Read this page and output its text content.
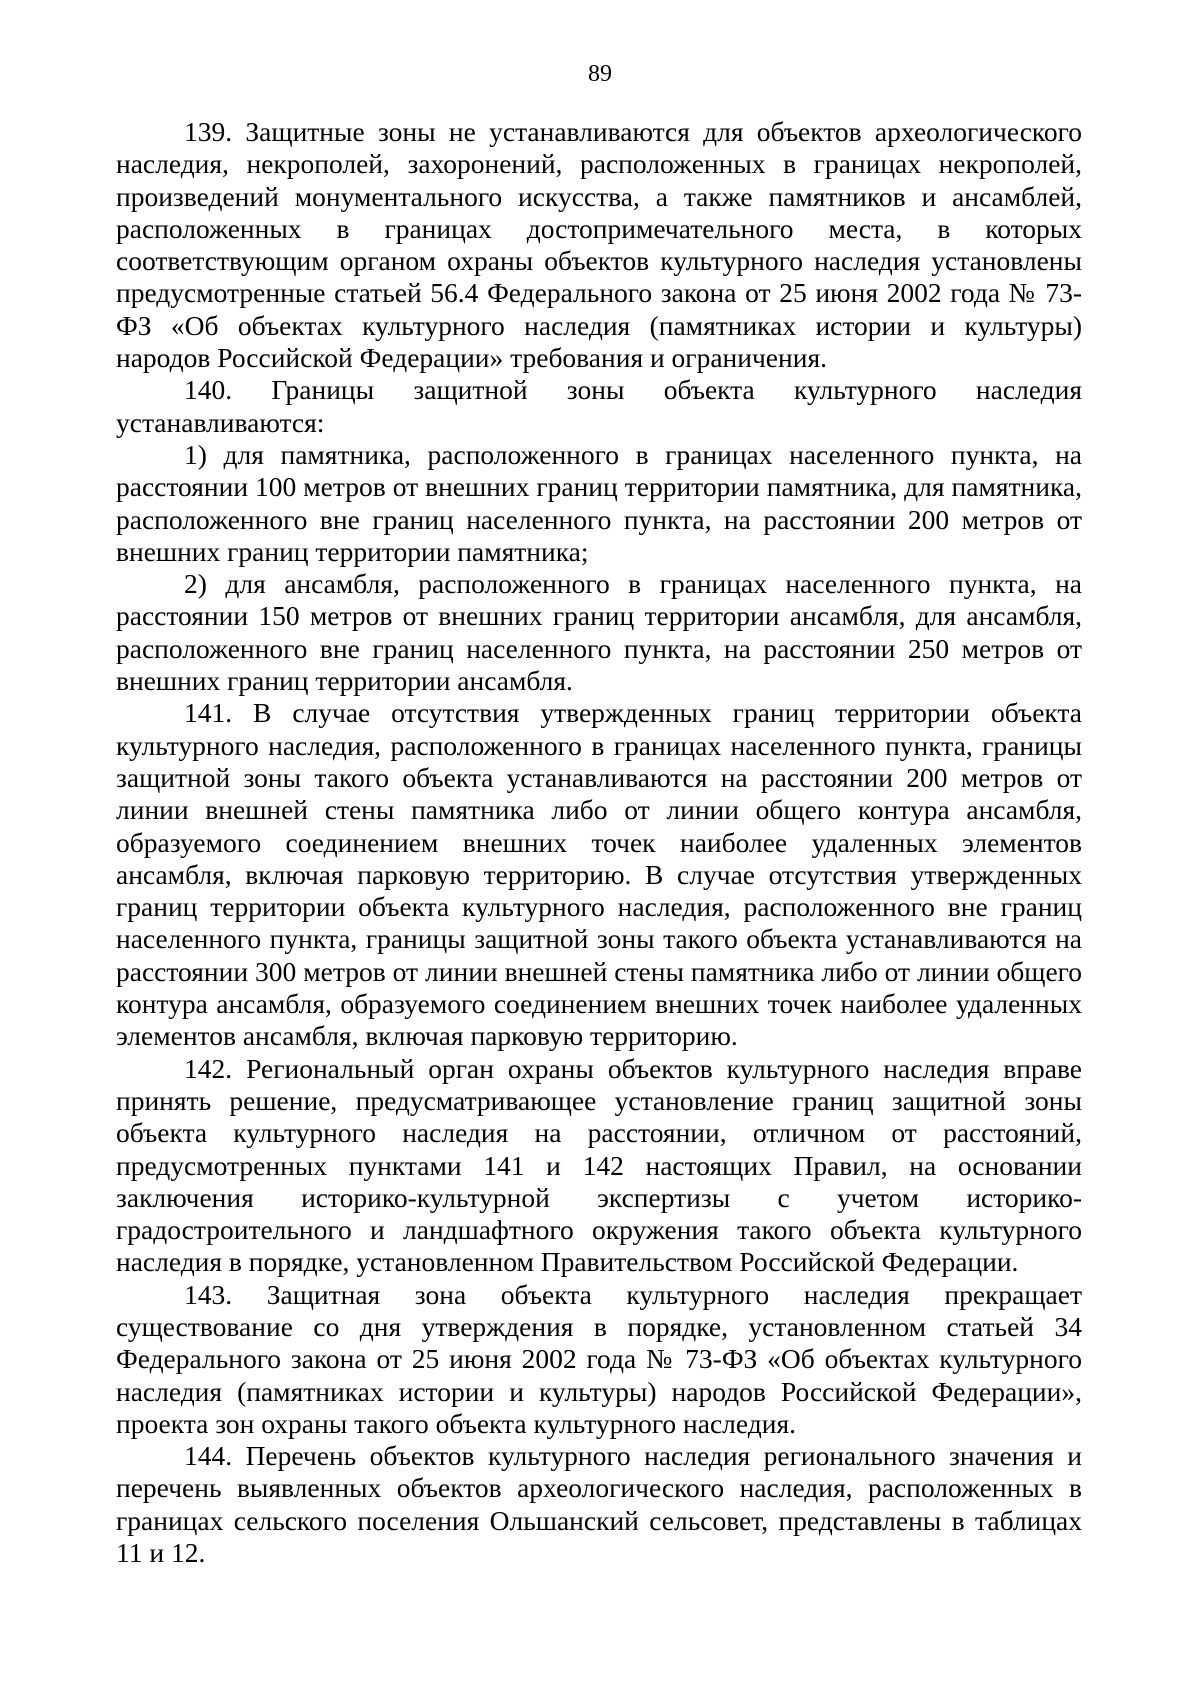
89

139. Защитные зоны не устанавливаются для объектов археологического наследия, некрополей, захоронений, расположенных в границах некрополей, произведений монументального искусства, а также памятников и ансамблей, расположенных в границах достопримечательного места, в которых соответствующим органом охраны объектов культурного наследия установлены предусмотренные статьей 56.4 Федерального закона от 25 июня 2002 года № 73-ФЗ «Об объектах культурного наследия (памятниках истории и культуры) народов Российской Федерации» требования и ограничения.

140. Границы защитной зоны объекта культурного наследия устанавливаются:

1) для памятника, расположенного в границах населенного пункта, на расстоянии 100 метров от внешних границ территории памятника, для памятника, расположенного вне границ населенного пункта, на расстоянии 200 метров от внешних границ территории памятника;

2) для ансамбля, расположенного в границах населенного пункта, на расстоянии 150 метров от внешних границ территории ансамбля, для ансамбля, расположенного вне границ населенного пункта, на расстоянии 250 метров от внешних границ территории ансамбля.

141. В случае отсутствия утвержденных границ территории объекта культурного наследия, расположенного в границах населенного пункта, границы защитной зоны такого объекта устанавливаются на расстоянии 200 метров от линии внешней стены памятника либо от линии общего контура ансамбля, образуемого соединением внешних точек наиболее удаленных элементов ансамбля, включая парковую территорию. В случае отсутствия утвержденных границ территории объекта культурного наследия, расположенного вне границ населенного пункта, границы защитной зоны такого объекта устанавливаются на расстоянии 300 метров от линии внешней стены памятника либо от линии общего контура ансамбля, образуемого соединением внешних точек наиболее удаленных элементов ансамбля, включая парковую территорию.

142. Региональный орган охраны объектов культурного наследия вправе принять решение, предусматривающее установление границ защитной зоны объекта культурного наследия на расстоянии, отличном от расстояний, предусмотренных пунктами 141 и 142 настоящих Правил, на основании заключения историко-культурной экспертизы с учетом историко-градостроительного и ландшафтного окружения такого объекта культурного наследия в порядке, установленном Правительством Российской Федерации.

143. Защитная зона объекта культурного наследия прекращает существование со дня утверждения в порядке, установленном статьей 34 Федерального закона от 25 июня 2002 года № 73-ФЗ «Об объектах культурного наследия (памятниках истории и культуры) народов Российской Федерации», проекта зон охраны такого объекта культурного наследия.

144. Перечень объектов культурного наследия регионального значения и перечень выявленных объектов археологического наследия, расположенных в границах сельского поселения Ольшанский сельсовет, представлены в таблицах 11 и 12.
